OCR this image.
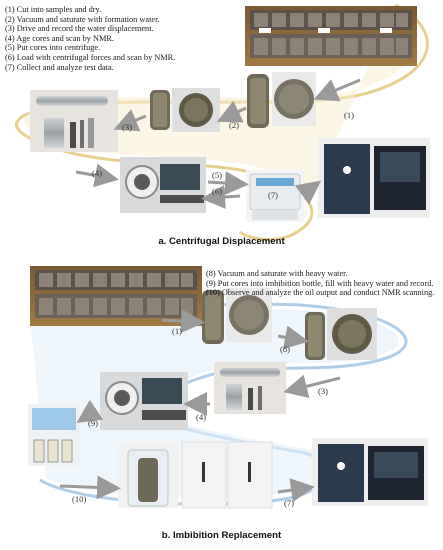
(1) Cut into samples and dry.
(2) Vacuum and saturate with formation water.
(3) Drive and record the water displacement.
(4) Age cores and scan by NMR.
(5) Put cores into centrifuge.
(6) Load with centrifugal forces and scan by NMR.
(7) Collect and analyze test data.
(1)
(2)
(3)
(4)	(5)
(6)	(7)
a. Centrifugal Displacement
(8) Vacuum and saturate with heavy water.
(9) Put cores into imbibition bottle, fill with heavy water and record.
(10) Observe and analyze the oil output and conduct NMR scanning.
(1)
(8)
(3)
(4)
(9)
(10)	(7)
b. Imbibition Replacement
